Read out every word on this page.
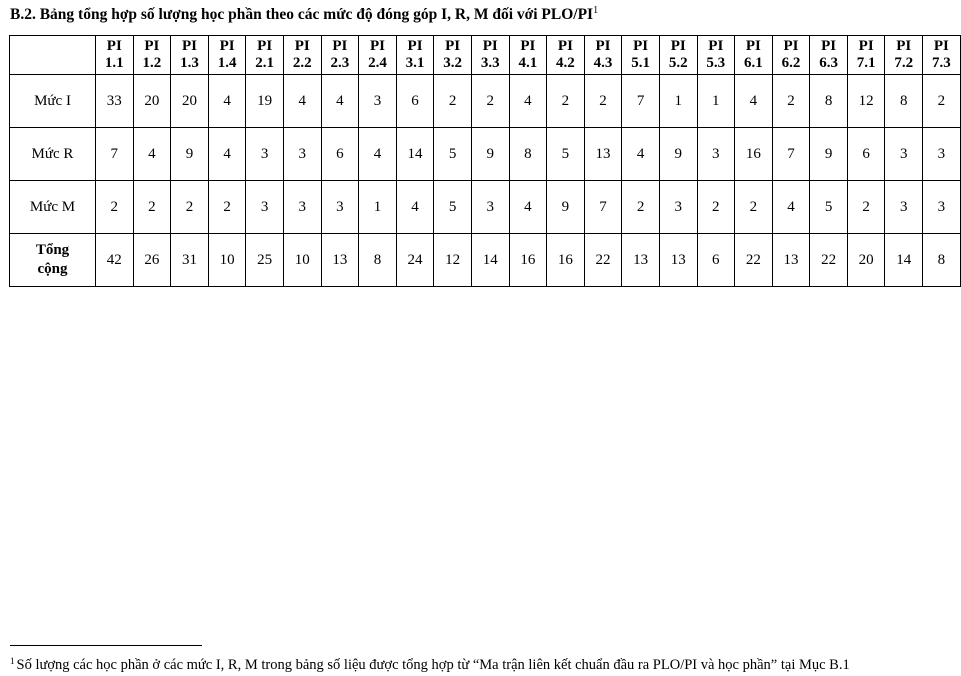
B.2. Bảng tổng hợp số lượng học phần theo các mức độ đóng góp I, R, M đối với PLO/$PI^1$
	PI 1.1	PI 1.2	PI 1.3	PI 1.4	PI 2.1	PI 2.2	PI 2.3	PI 2.4	PI 3.1	PI 3.2	PI 3.3	PI 4.1	PI 4.2	PI 4.3	PI 5.1	PI 5.2	PI 5.3	PI 6.1	PI 6.2	PI 6.3	PI 7.1	PI 7.2	PI 7.3
Mức I	33	20	20	4	19	4	4	3	6	2	2	4	2	2	7	1	1	4	2	8	12	8	2
Mức R	7	4	9	4	3	3	6	4	14	5	9	8	5	13	4	9	3	16	7	9	6	3	3
Mức M	2	2	2	2	3	3	3	1	4	5	3	4	9	7	2	3	2	2	4	5	2	3	3
Tổng cộng	42	26	31	10	25	10	13	8	24	12	14	16	16	22	13	13	6	22	13	22	20	14	8
$^1$ Số lượng các học phần ở các mức I, R, M trong bảng số liệu được tổng hợp từ “Ma trận liên kết chuẩn đầu ra PLO/PI và học phần” tại Mục B.1
